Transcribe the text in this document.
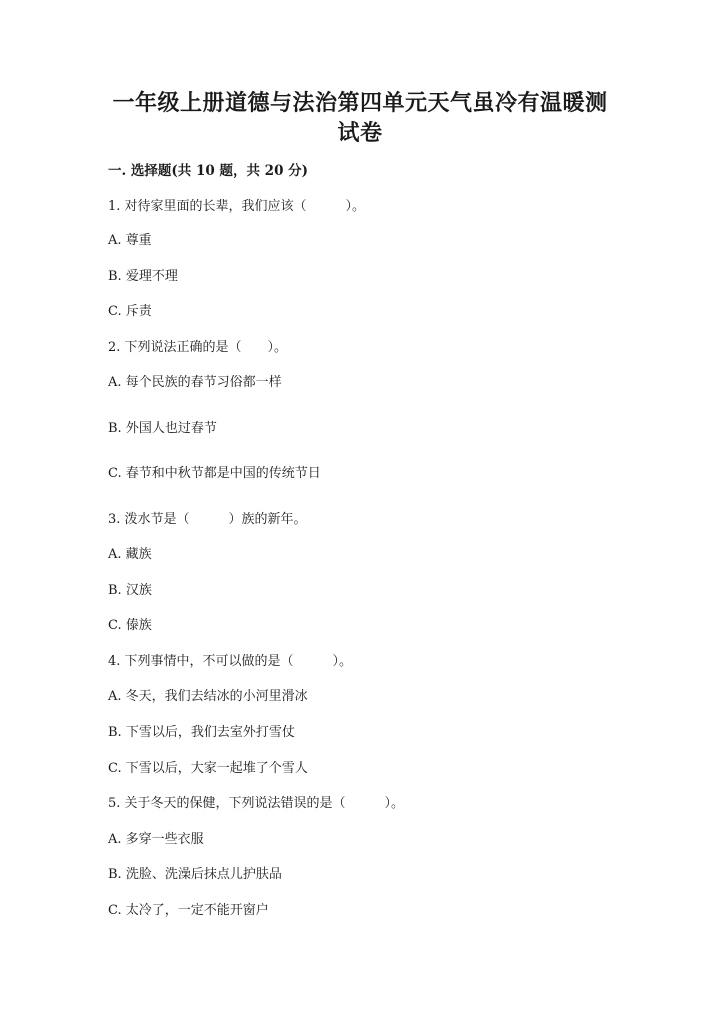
一年级上册道德与法治第四单元天气虽冷有温暖测
试卷
一. 选择题(共 10 题，共 20 分)
1. 对待家里面的长辈，我们应该（　　　）。
A. 尊重
B. 爱理不理
C. 斥责
2. 下列说法正确的是（　　）。
A. 每个民族的春节习俗都一样
B. 外国人也过春节
C. 春节和中秋节都是中国的传统节日
3. 泼水节是（　　　）族的新年。
A. 藏族
B. 汉族
C. 傣族
4. 下列事情中，不可以做的是（　　　）。
A. 冬天，我们去结冰的小河里滑冰
B. 下雪以后，我们去室外打雪仗
C. 下雪以后，大家一起堆了个雪人
5. 关于冬天的保健，下列说法错误的是（　　　）。
A. 多穿一些衣服
B. 洗脸、洗澡后抹点儿护肤品
C. 太冷了，一定不能开窗户
